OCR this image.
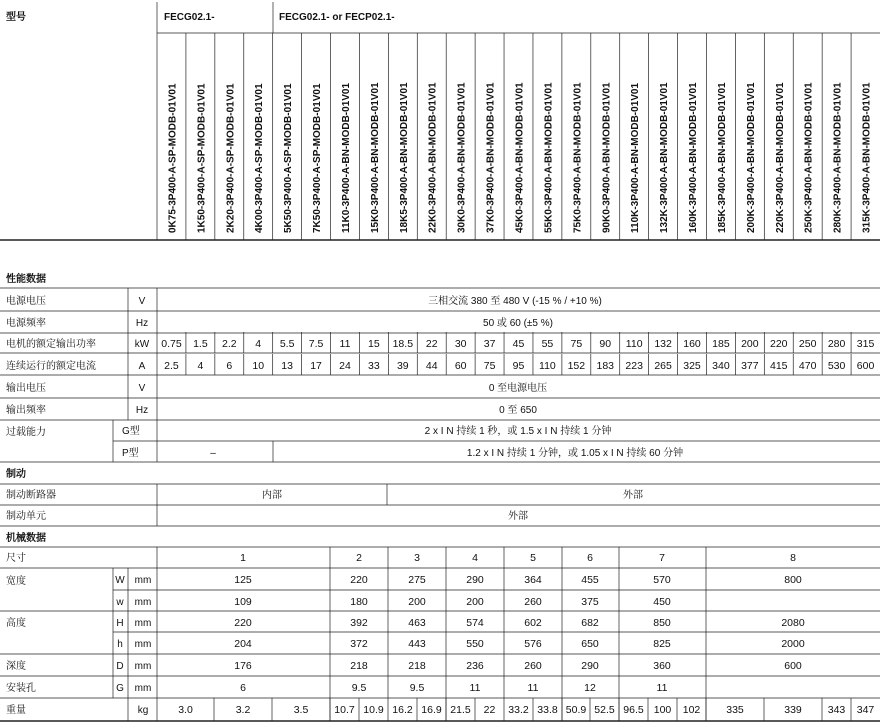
型号	FECG02.1-	FECG02.1- or FECP02.1-
0K75-3P400-A-SP-MODB-01V01 1K50-3P400-A-SP-MODB-01V01 2K20-3P400-A-SP-MODB-01V01 4K00-3P400-A-SP-MODB-01V01 5K50-3P400-A-SP-MODB-01V01 7K50-3P400-A-SP-MODB-01V01 11K0-3P400-A-BN-MODB-01V01 15K0-3P400-A-BN-MODB-01V01 18K5-3P400-A-BN-MODB-01V01 22K0-3P400-A-BN-MODB-01V01 30K0-3P400-A-BN-MODB-01V01 37K0-3P400-A-BN-MODB-01V01 45K0-3P400-A-BN-MODB-01V01 55K0-3P400-A-BN-MODB-01V01 75K0-3P400-A-BN-MODB-01V01 90K0-3P400-A-BN-MODB-01V01 110K-3P400-A-BN-MODB-01V01 132K-3P400-A-BN-MODB-01V01 160K-3P400-A-BN-MODB-01V01 185K-3P400-A-BN-MODB-01V01 200K-3P400-A-BN-MODB-01V01 220K-3P400-A-BN-MODB-01V01 250K-3P400-A-BN-MODB-01V01 280K-3P400-A-BN-MODB-01V01 315K-3P400-A-BN-MODB-01V01
性能数据
电源电压	V	三相交流 380 至 480 V (-15 % / +10 %)
电源频率	Hz	50 或 60 (±5 %)
电机的额定输出功率	kW 0.75 1.5 2.2 4 5.5 7.5 11 15 18.5 22 30 37 45 55 75 90 110 132 160 185 200 220 250 280 315
连续运行的额定电流	A 2.5 4 6 10 13 17 24 33 39 44 60 75 95 110 152 183 223 265 325 340 377 415 470 530 600
输出电压	V	0 至电源电压
输出频率	Hz	0 至 650
过载能力	G型	2 x I N 持续 1 秒，或 1.5 x I N 持续 1 分钟
P型	–	1.2 x I N 持续 1 分钟，或 1.05 x I N 持续 60 分钟
制动
制动断路器	内部	外部
制动单元	外部
机械数据
尺寸	1	2	3	4	5	6	7	8
宽度	W mm	125	220	275	290	364	455	570	800
w mm	109	180	200	200	260	375	450
高度	H mm	220	392	463	574	602	682	850	2080
h mm	204	372	443	550	576	650	825	2000
深度	D mm	176	218	218	236	260	290	360	600
安装孔	G mm	6	9.5	9.5	11	11	12	11
重量	kg	3.0	3.2	3.5 10.7 10.9 16.2 16.9 21.5 22 33.2 33.8 50.9 52.5 96.5 100 102 335	339 343 347
